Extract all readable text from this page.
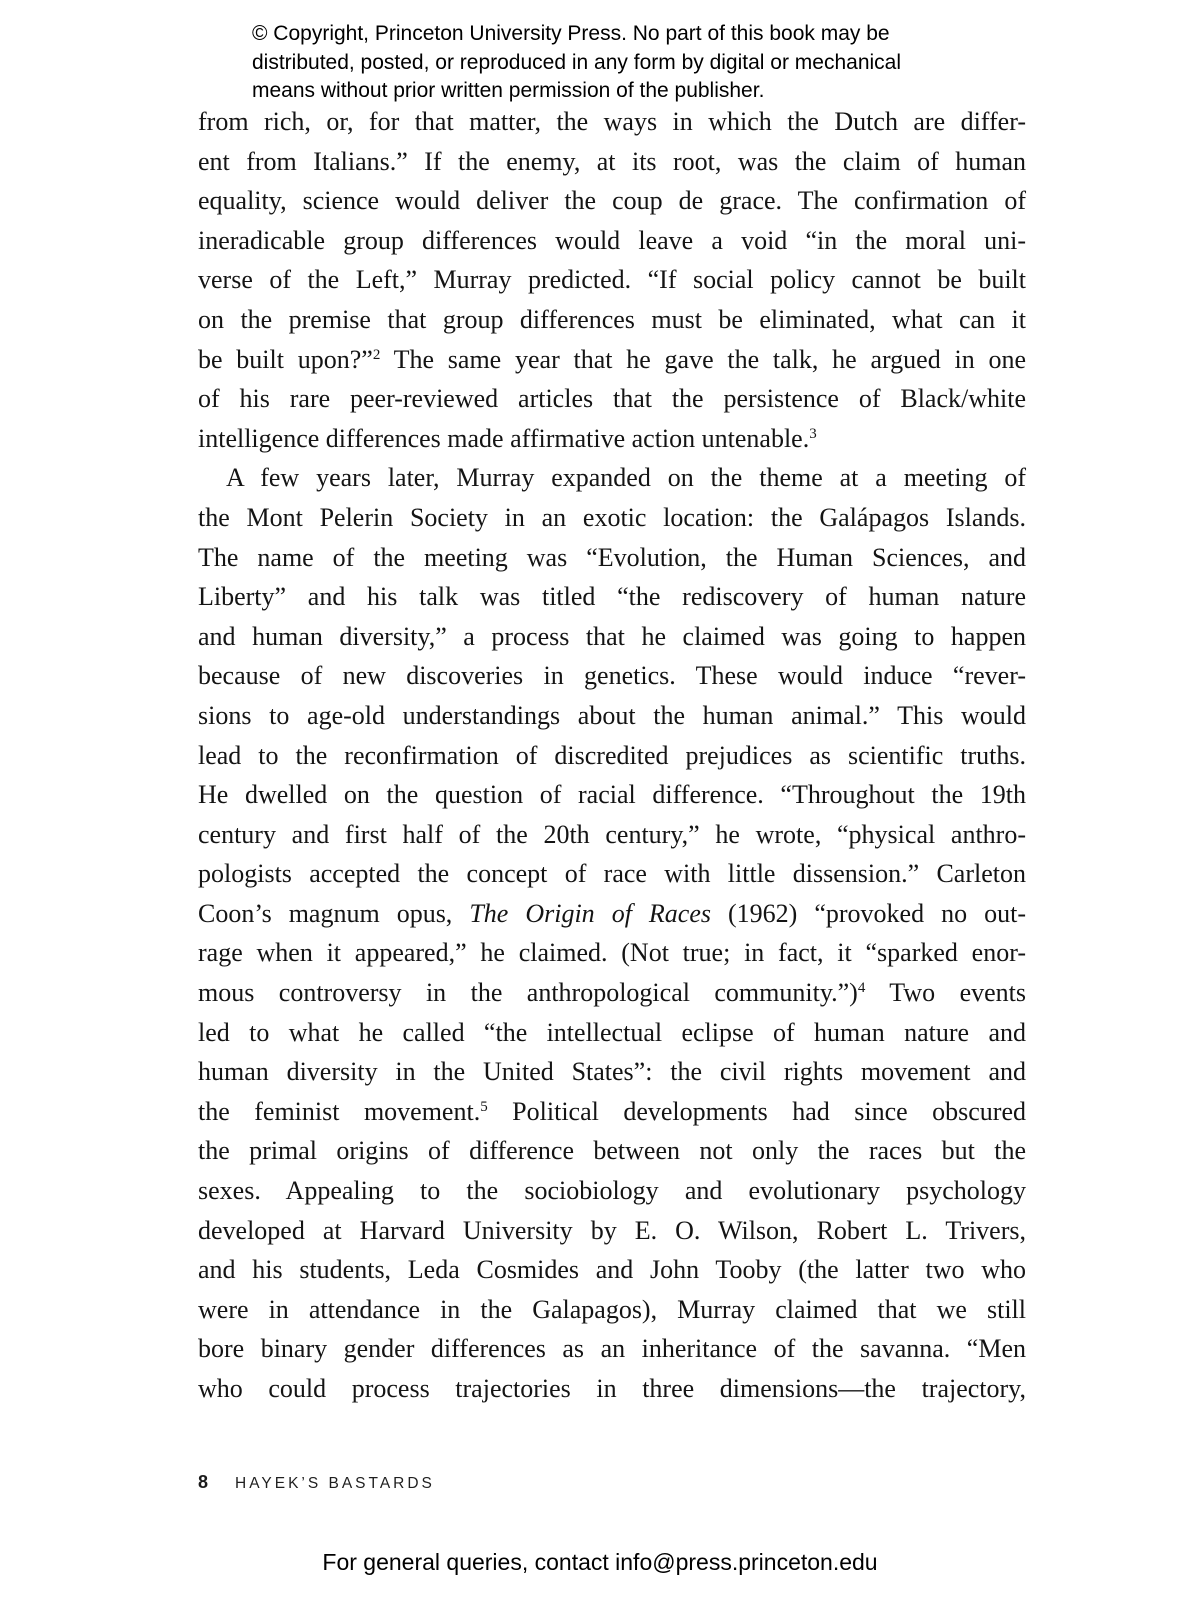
© Copyright, Princeton University Press. No part of this book may be
distributed, posted, or reproduced in any form by digital or mechanical
means without prior written permission of the publisher.
from rich, or, for that matter, the ways in which the Dutch are differ-
ent from Italians.” If the enemy, at its root, was the claim of human
equality, science would deliver the coup de grace. The confirmation of
ineradicable group differences would leave a void “in the moral uni-
verse of the Left,” Murray predicted. “If social policy cannot be built
on the premise that group differences must be eliminated, what can it
be built upon?”$^2$ The same year that he gave the talk, he argued in one
of his rare peer-reviewed articles that the persistence of Black/white
intelligence differences made affirmative action untenable.$^3$
A few years later, Murray expanded on the theme at a meeting of
the Mont Pelerin Society in an exotic location: the Galápagos Islands.
The name of the meeting was “Evolution, the Human Sciences, and
Liberty” and his talk was titled “the rediscovery of human nature
and human diversity,” a process that he claimed was going to happen
because of new discoveries in genetics. These would induce “rever-
sions to age-old understandings about the human animal.” This would
lead to the reconfirmation of discredited prejudices as scientific truths.
He dwelled on the question of racial difference. “Throughout the 19th
century and first half of the 20th century,” he wrote, “physical anthro-
pologists accepted the concept of race with little dissension.” Carleton
Coon’s magnum opus, The Origin of Races (1962) “provoked no out-
rage when it appeared,” he claimed. (Not true; in fact, it “sparked enor-
mous controversy in the anthropological community.”)$^4$ Two events
led to what he called “the intellectual eclipse of human nature and
human diversity in the United States”: the civil rights movement and
the feminist movement.$^5$ Political developments had since obscured
the primal origins of difference between not only the races but the
sexes. Appealing to the sociobiology and evolutionary psychology
developed at Harvard University by E. O. Wilson, Robert L. Trivers,
and his students, Leda Cosmides and John Tooby (the latter two who
were in attendance in the Galapagos), Murray claimed that we still
bore binary gender differences as an inheritance of the savanna. “Men
who could process trajectories in three dimensions—the trajectory,
8 HAYEK’S BASTARDS
For general queries, contact info@press.princeton.edu
